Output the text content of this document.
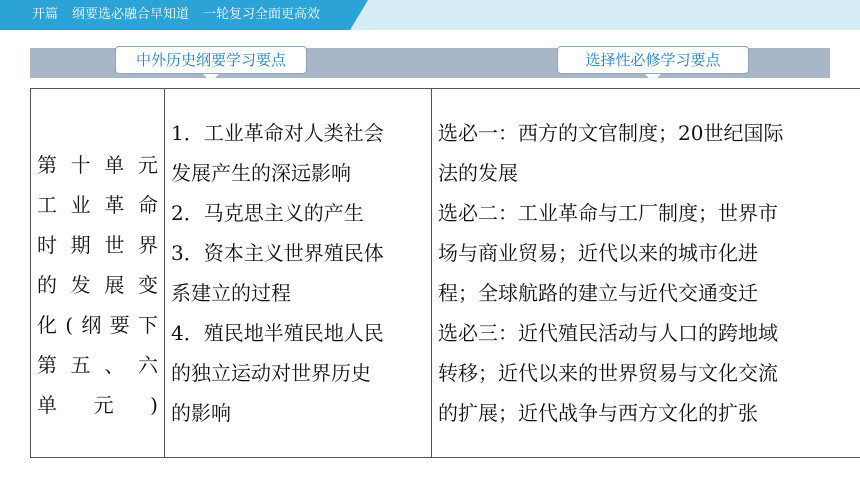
开篇 纲要选必融合早知道 一轮复习全面更高效
中外历史纲要学习要点	选择性必修学习要点
第十单元
工业革命
时期世界
的发展变
化(纲要下
第五、六
单元)

1．工业革命对人类社会
发展产生的深远影响
2．马克思主义的产生
3．资本主义世界殖民体
系建立的过程
4．殖民地半殖民地人民
的独立运动对世界历史
的影响

选必一：西方的文官制度；20世纪国际
法的发展
选必二：工业革命与工厂制度；世界市
场与商业贸易；近代以来的城市化进
程；全球航路的建立与近代交通变迁
选必三：近代殖民活动与人口的跨地域
转移；近代以来的世界贸易与文化交流
的扩展；近代战争与西方文化的扩张
